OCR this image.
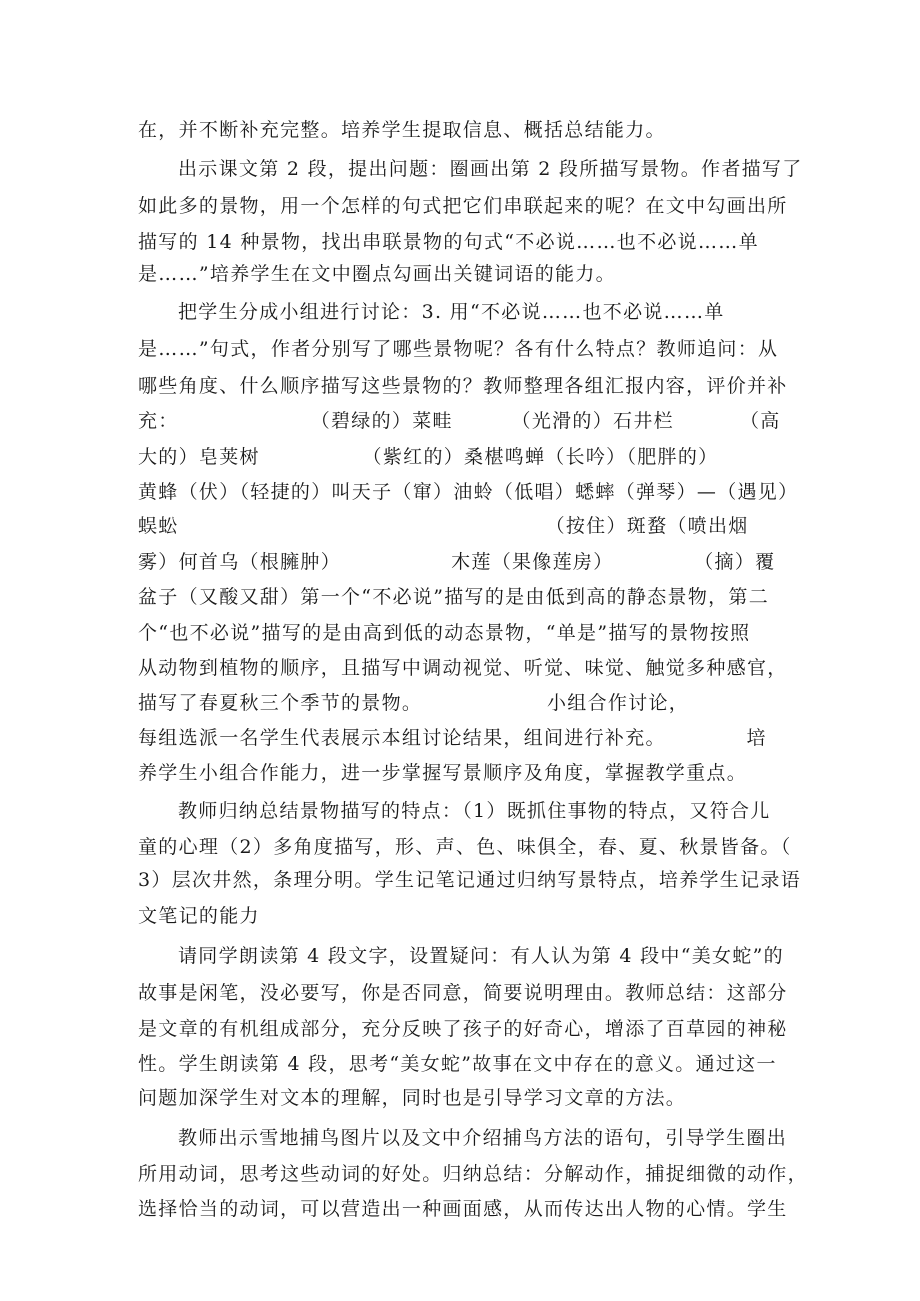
在，并不断补充完整。培养学生提取信息、概括总结能力。
出示课文第 2 段，提出问题：圈画出第 2 段所描写景物。作者描写了
如此多的景物，用一个怎样的句式把它们串联起来的呢？在文中勾画出所
描写的 14 种景物，找出串联景物的句式“不必说……也不必说……单
是……”培养学生在文中圈点勾画出关键词语的能力。
把学生分成小组进行讨论：3. 用“不必说……也不必说……单
是……”句式，作者分别写了哪些景物呢？各有什么特点？教师追问：从
哪些角度、什么顺序描写这些景物的？教师整理各组汇报内容，评价并补
充：                  （碧绿的）菜畦        （光滑的）石井栏         （高
大的）皂荚树              （紫红的）桑椹鸣蝉（长吟）（肥胖的）
黄蜂（伏）（轻捷的）叫天子（窜）油蛉（低唱）蟋蟀（弹琴）—（遇见）
蜈蚣                                                  （按住）斑蝥（喷出烟
雾）何首乌（根臃肿）               木莲（果像莲房）           （摘）覆
盆子（又酸又甜）第一个“不必说”描写的是由低到高的静态景物，第二
个“也不必说”描写的是由高到低的动态景物，“单是”描写的景物按照
从动物到植物的顺序，且描写中调动视觉、听觉、味觉、触觉多种感官，
描写了春夏秋三个季节的景物。                 小组合作讨论，
每组选派一名学生代表展示本组讨论结果，组间进行补充。           培
养学生小组合作能力，进一步掌握写景顺序及角度，掌握教学重点。
教师归纳总结景物描写的特点：（1）既抓住事物的特点，又符合儿
童的心理（2）多角度描写，形、声、色、味俱全，春、夏、秋景皆备。（
3）层次井然，条理分明。学生记笔记通过归纳写景特点，培养学生记录语
文笔记的能力
请同学朗读第 4 段文字，设置疑问：有人认为第 4 段中“美女蛇”的
故事是闲笔，没必要写，你是否同意，简要说明理由。教师总结：这部分
是文章的有机组成部分，充分反映了孩子的好奇心，增添了百草园的神秘
性。学生朗读第 4 段，思考“美女蛇”故事在文中存在的意义。通过这一
问题加深学生对文本的理解，同时也是引导学习文章的方法。
教师出示雪地捕鸟图片以及文中介绍捕鸟方法的语句，引导学生圈出
所用动词，思考这些动词的好处。归纳总结：分解动作，捕捉细微的动作，
选择恰当的动词，可以营造出一种画面感，从而传达出人物的心情。学生
